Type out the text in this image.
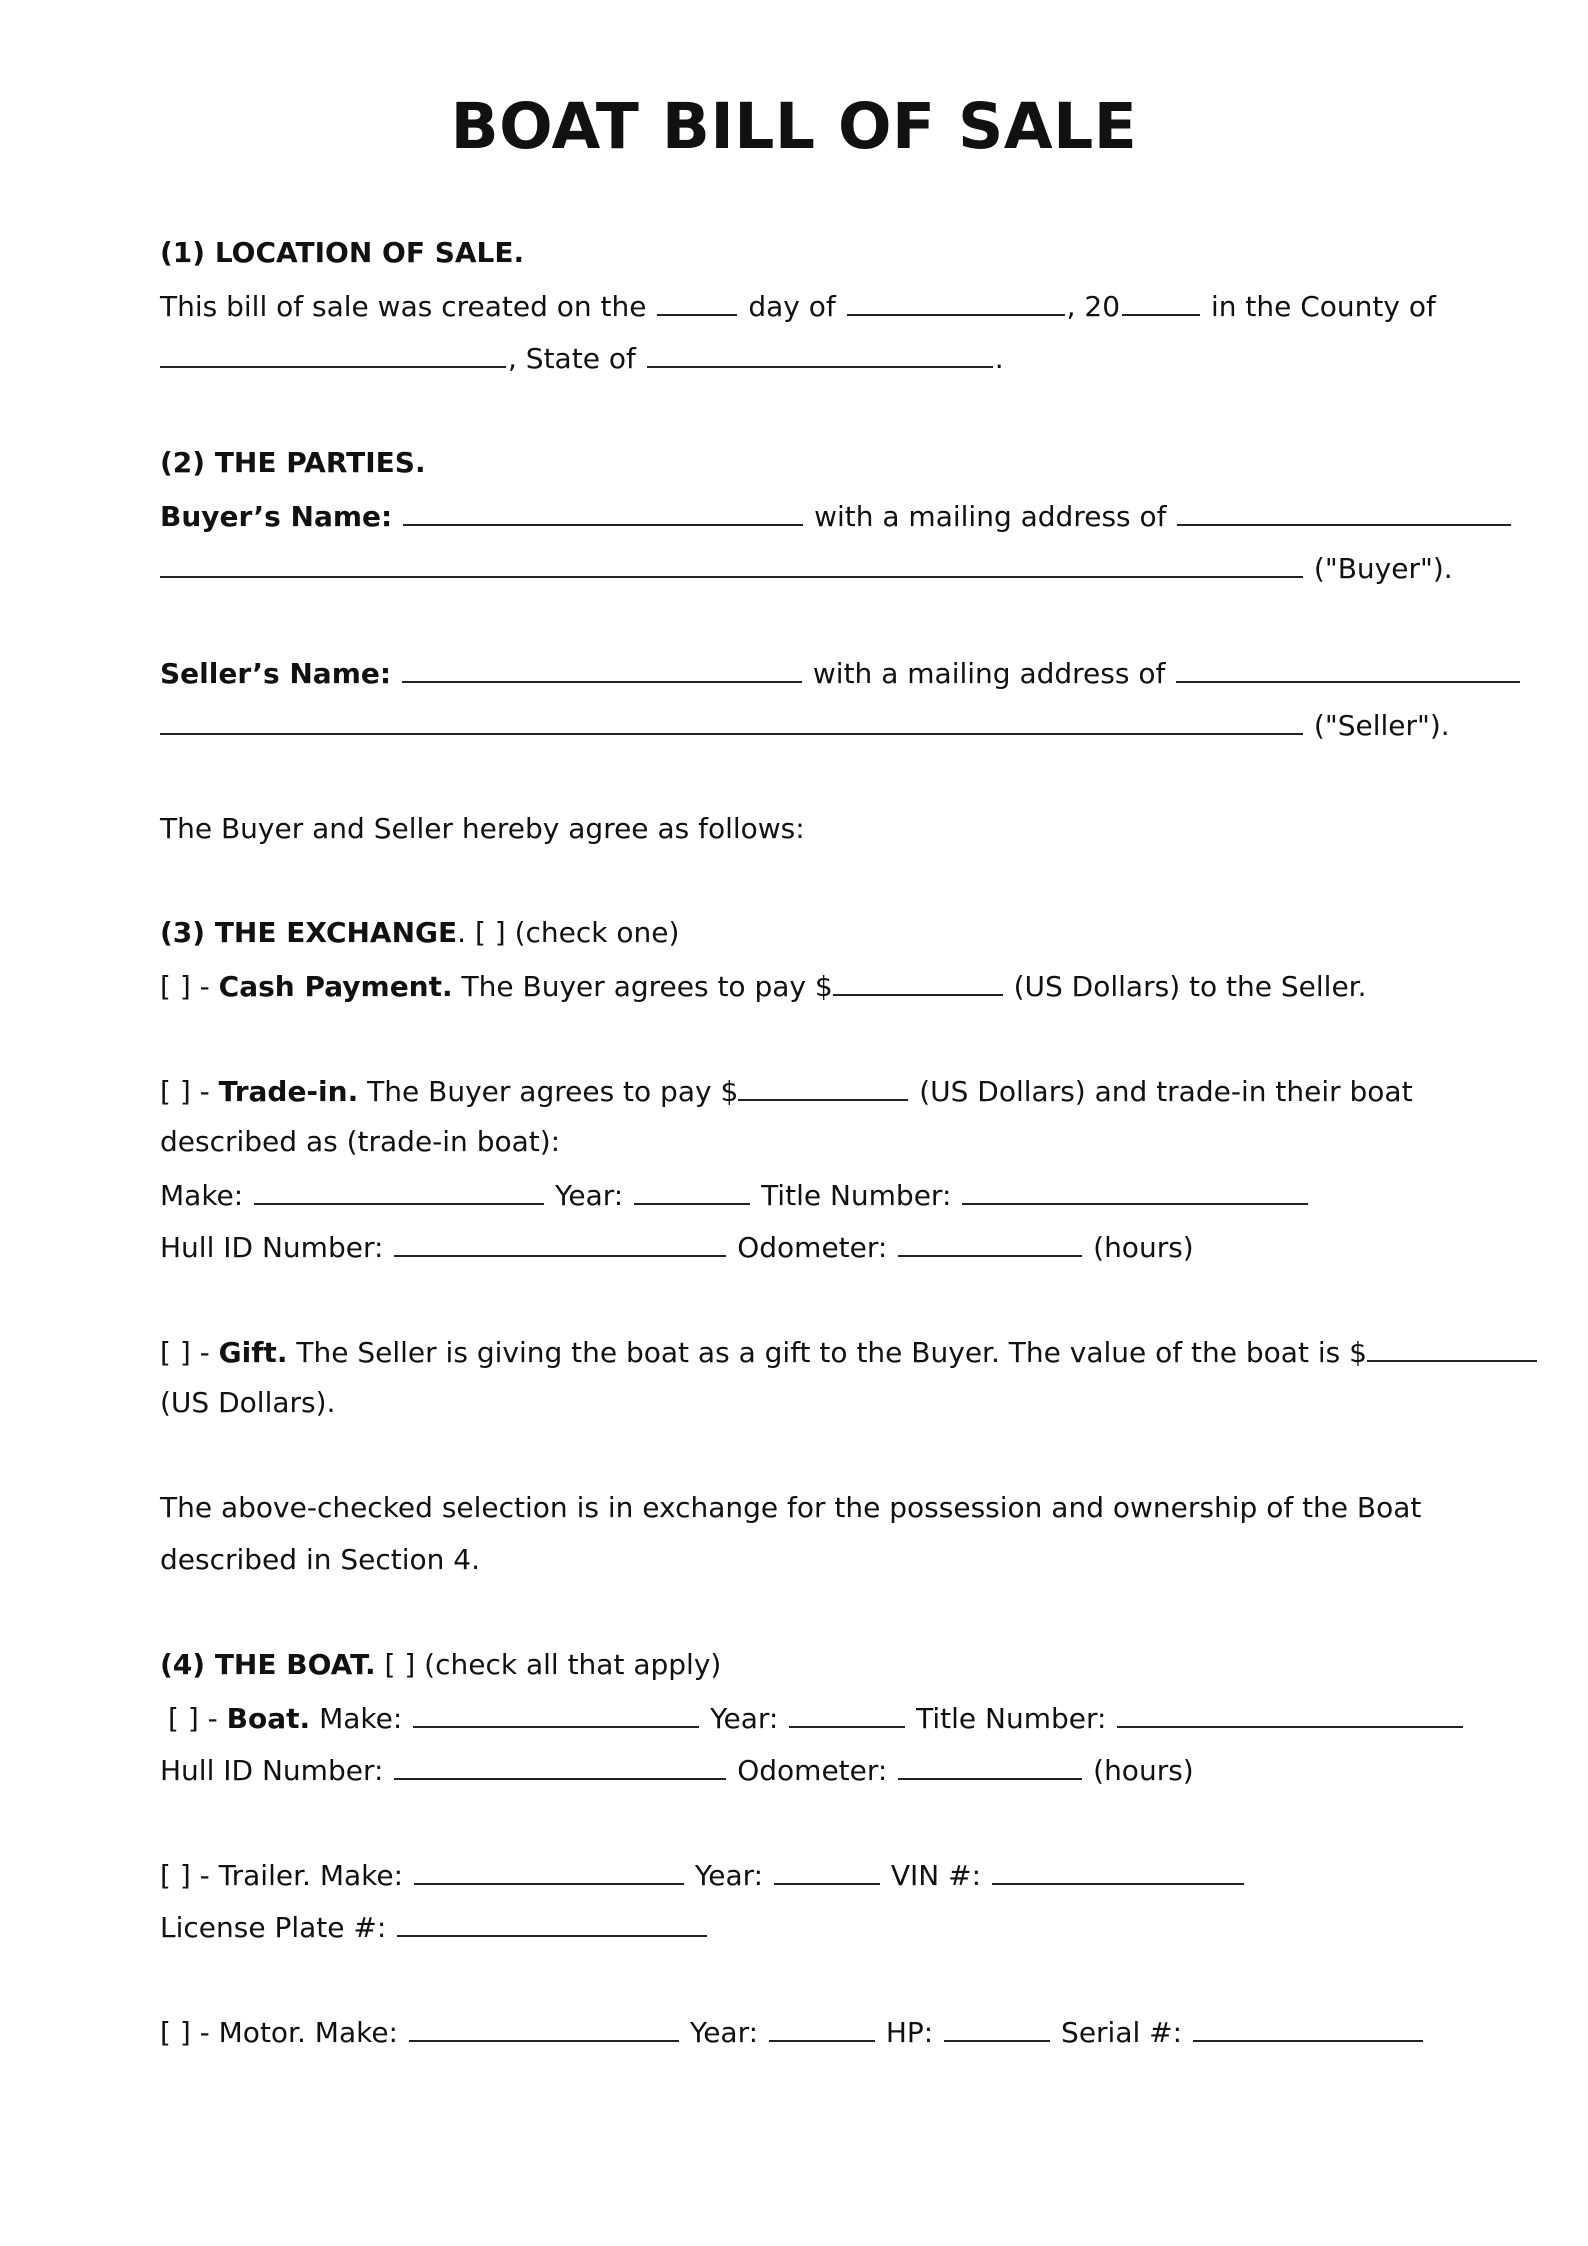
BOAT BILL OF SALE
(1) LOCATION OF SALE.
This bill of sale was created on the	day of	, 20	in the County of
, State of	.
(2) THE PARTIES.
Buyer’s Name:	with a mailing address of
("Buyer").
Seller’s Name:	with a mailing address of
("Seller").
The Buyer and Seller hereby agree as follows:
(3) THE EXCHANGE. [ ] (check one)
[ ] - Cash Payment. The Buyer agrees to pay $	(US Dollars) to the Seller.
[ ] - Trade-in. The Buyer agrees to pay $	(US Dollars) and trade-in their boat
described as (trade-in boat):
Make:	Year:	Title Number:
Hull ID Number:	Odometer:	(hours)
[ ] - Gift. The Seller is giving the boat as a gift to the Buyer. The value of the boat is $
(US Dollars).
The above-checked selection is in exchange for the possession and ownership of the Boat
described in Section 4.
(4) THE BOAT. [ ] (check all that apply)
[ ] - Boat. Make:	Year:	Title Number:
Hull ID Number:	Odometer:	(hours)
[ ] - Trailer. Make:	Year:	VIN #:
License Plate #:
[ ] - Motor. Make:	Year:	HP:	Serial #:
